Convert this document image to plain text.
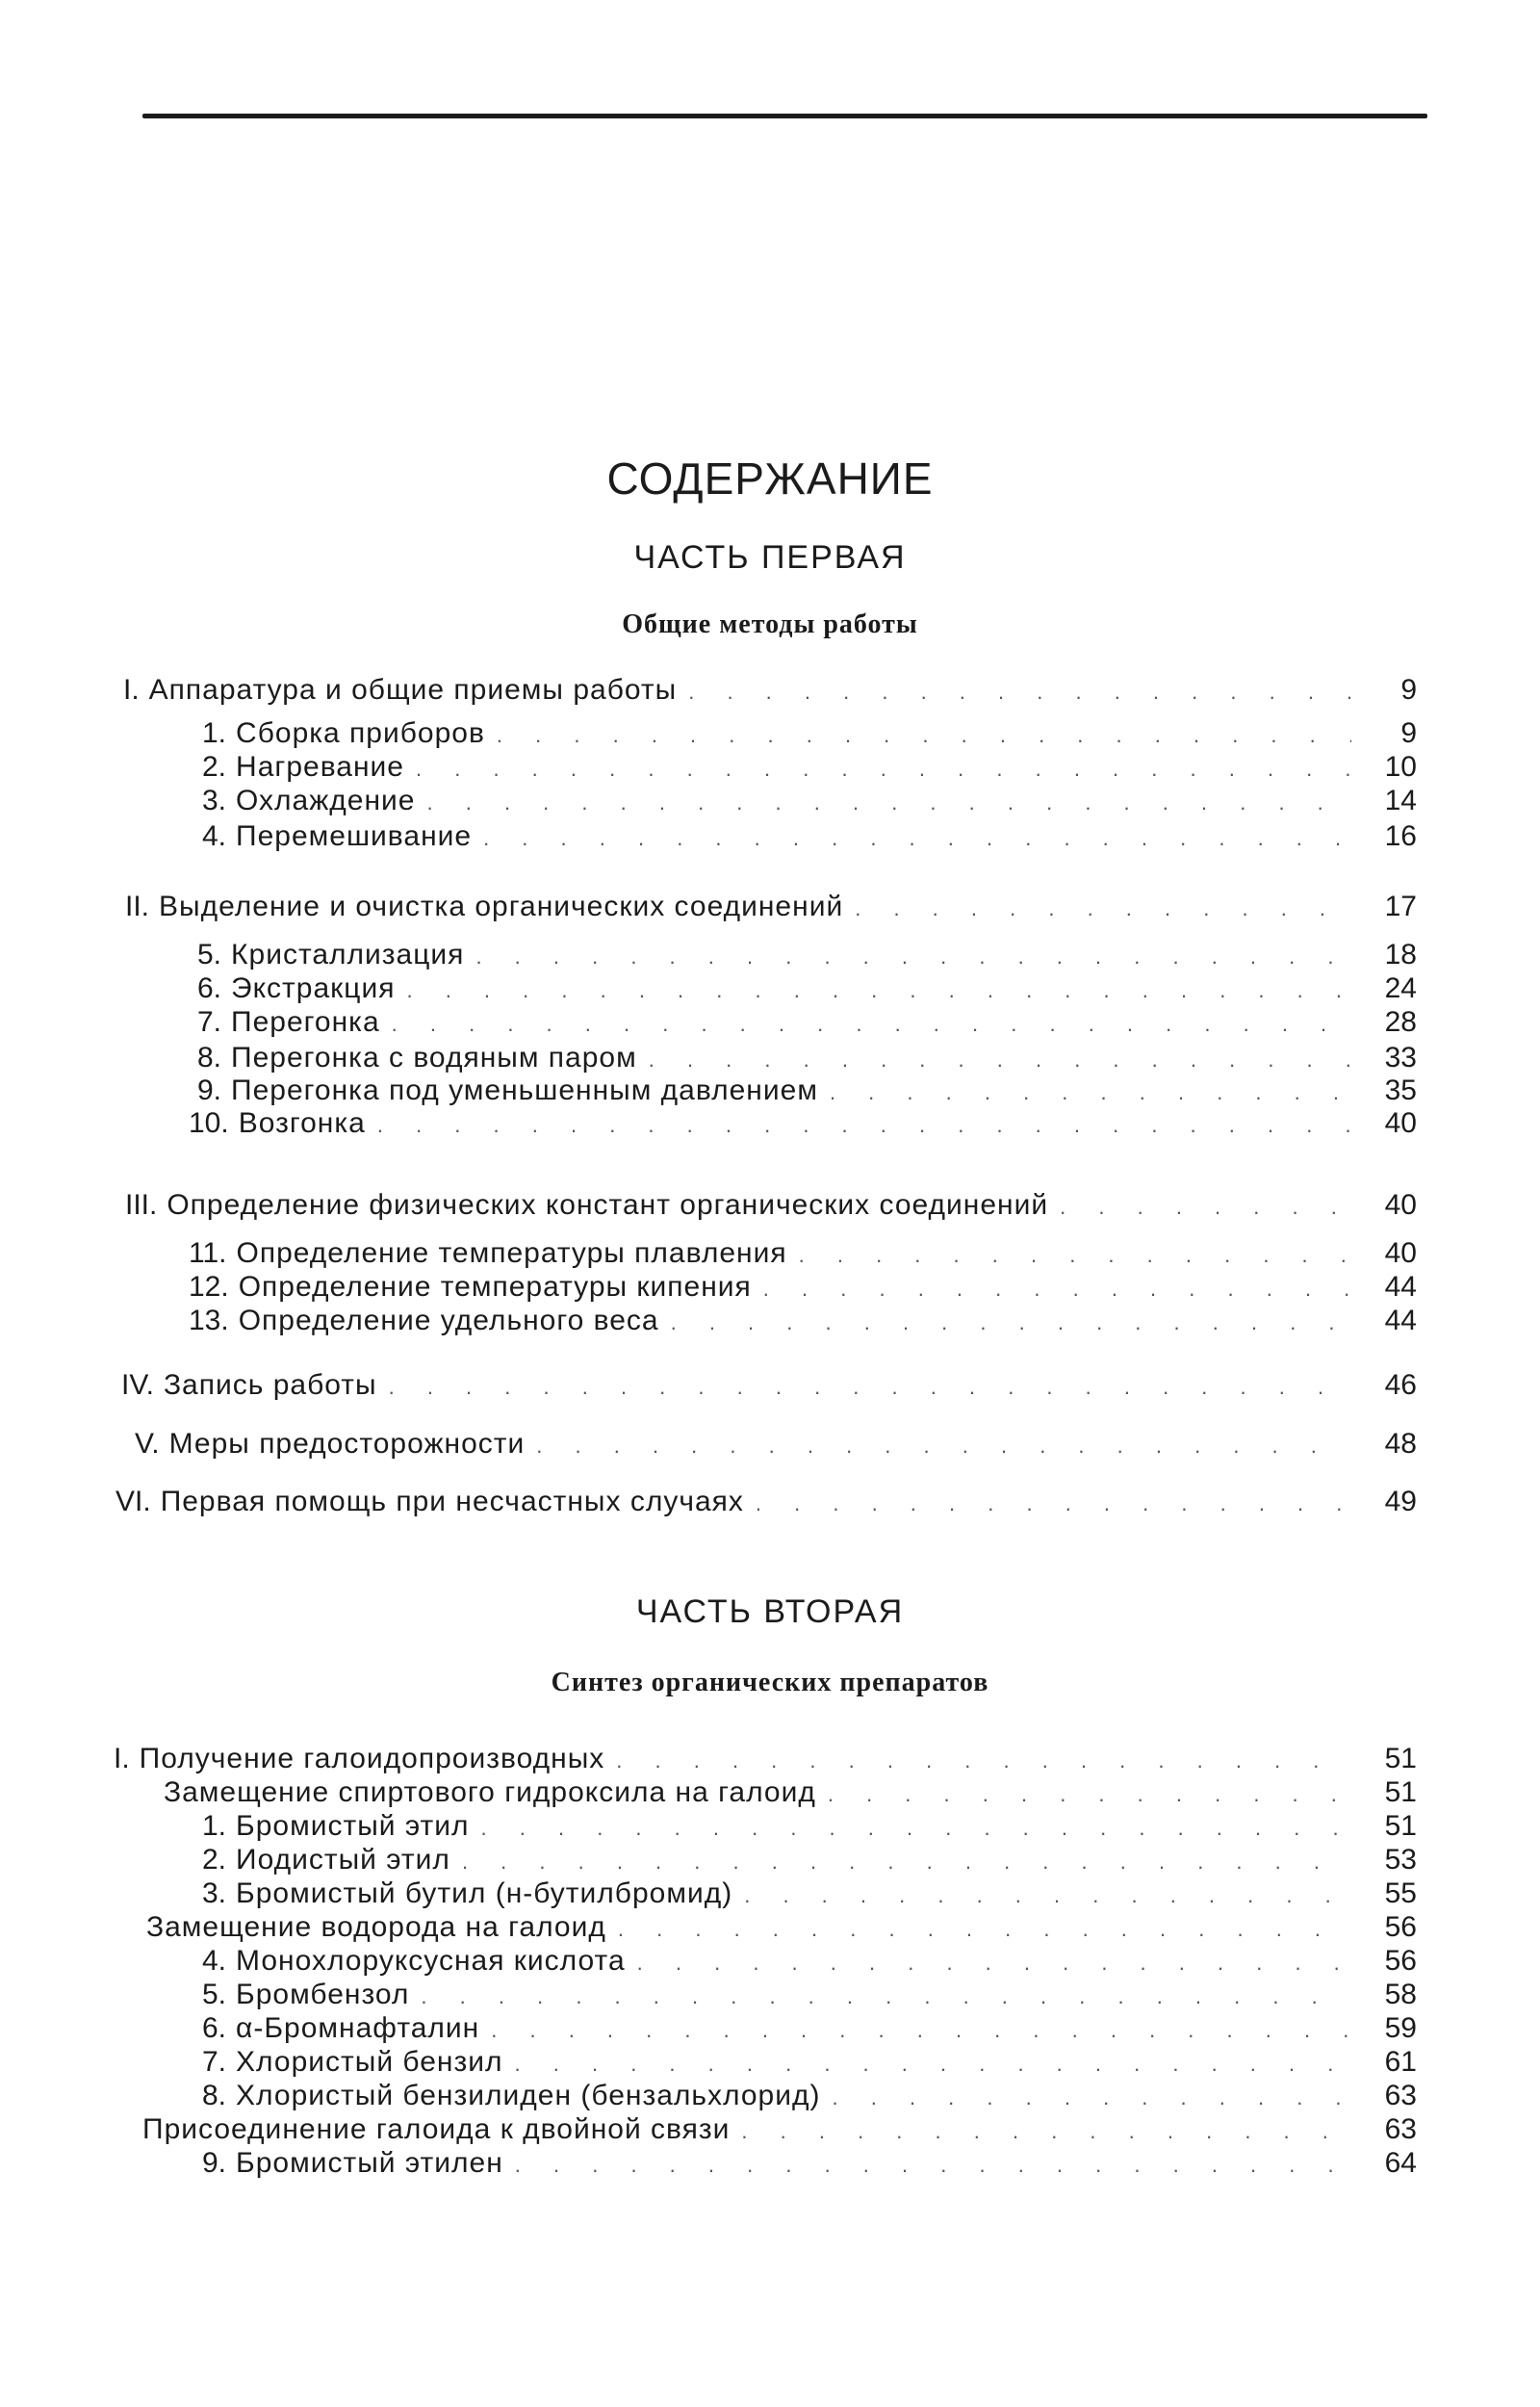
СОДЕРЖАНИЕ
ЧАСТЬ ПЕРВАЯ
Общие методы работы
I. Аппаратура и общие приемы работы . . .	9
1. Сборка приборов . . .	9
2. Нагревание . . .	10
3. Охлаждение . . .	14
4. Перемешивание . . .	16
II. Выделение и очистка органических соединений . . .	17
5. Кристаллизация . . .	18
6. Экстракция . . .	24
7. Перегонка . . .	28
8. Перегонка с водяным паром . . .	33
9. Перегонка под уменьшенным давлением . . .	35
10. Возгонка . . .	40
III. Определение физических констант органических соединений . . .	40
11. Определение температуры плавления . . .	40
12. Определение температуры кипения . . .	44
13. Определение удельного веса . . .	44
IV. Запись работы . . .	46
V. Меры предосторожности . . .	48
VI. Первая помощь при несчастных случаях . . .	49
ЧАСТЬ ВТОРАЯ
Синтез органических препаратов
I. Получение галоидопроизводных . . .	51
Замещение спиртового гидроксила на галоид . . .	51
1. Бромистый этил . . .	51
2. Иодистый этил . . .	53
3. Бромистый бутил (н-бутилбромид) . . .	55
Замещение водорода на галоид . . .	56
4. Монохлоруксусная кислота . . .	56
5. Бромбензол . . .	58
6. α-Бромнафталин . . .	59
7. Хлористый бензил . . .	61
8. Хлористый бензилиден (бензальхлорид) . . .	63
Присоединение галоида к двойной связи . . .	63
9. Бромистый этилен . . .	64
